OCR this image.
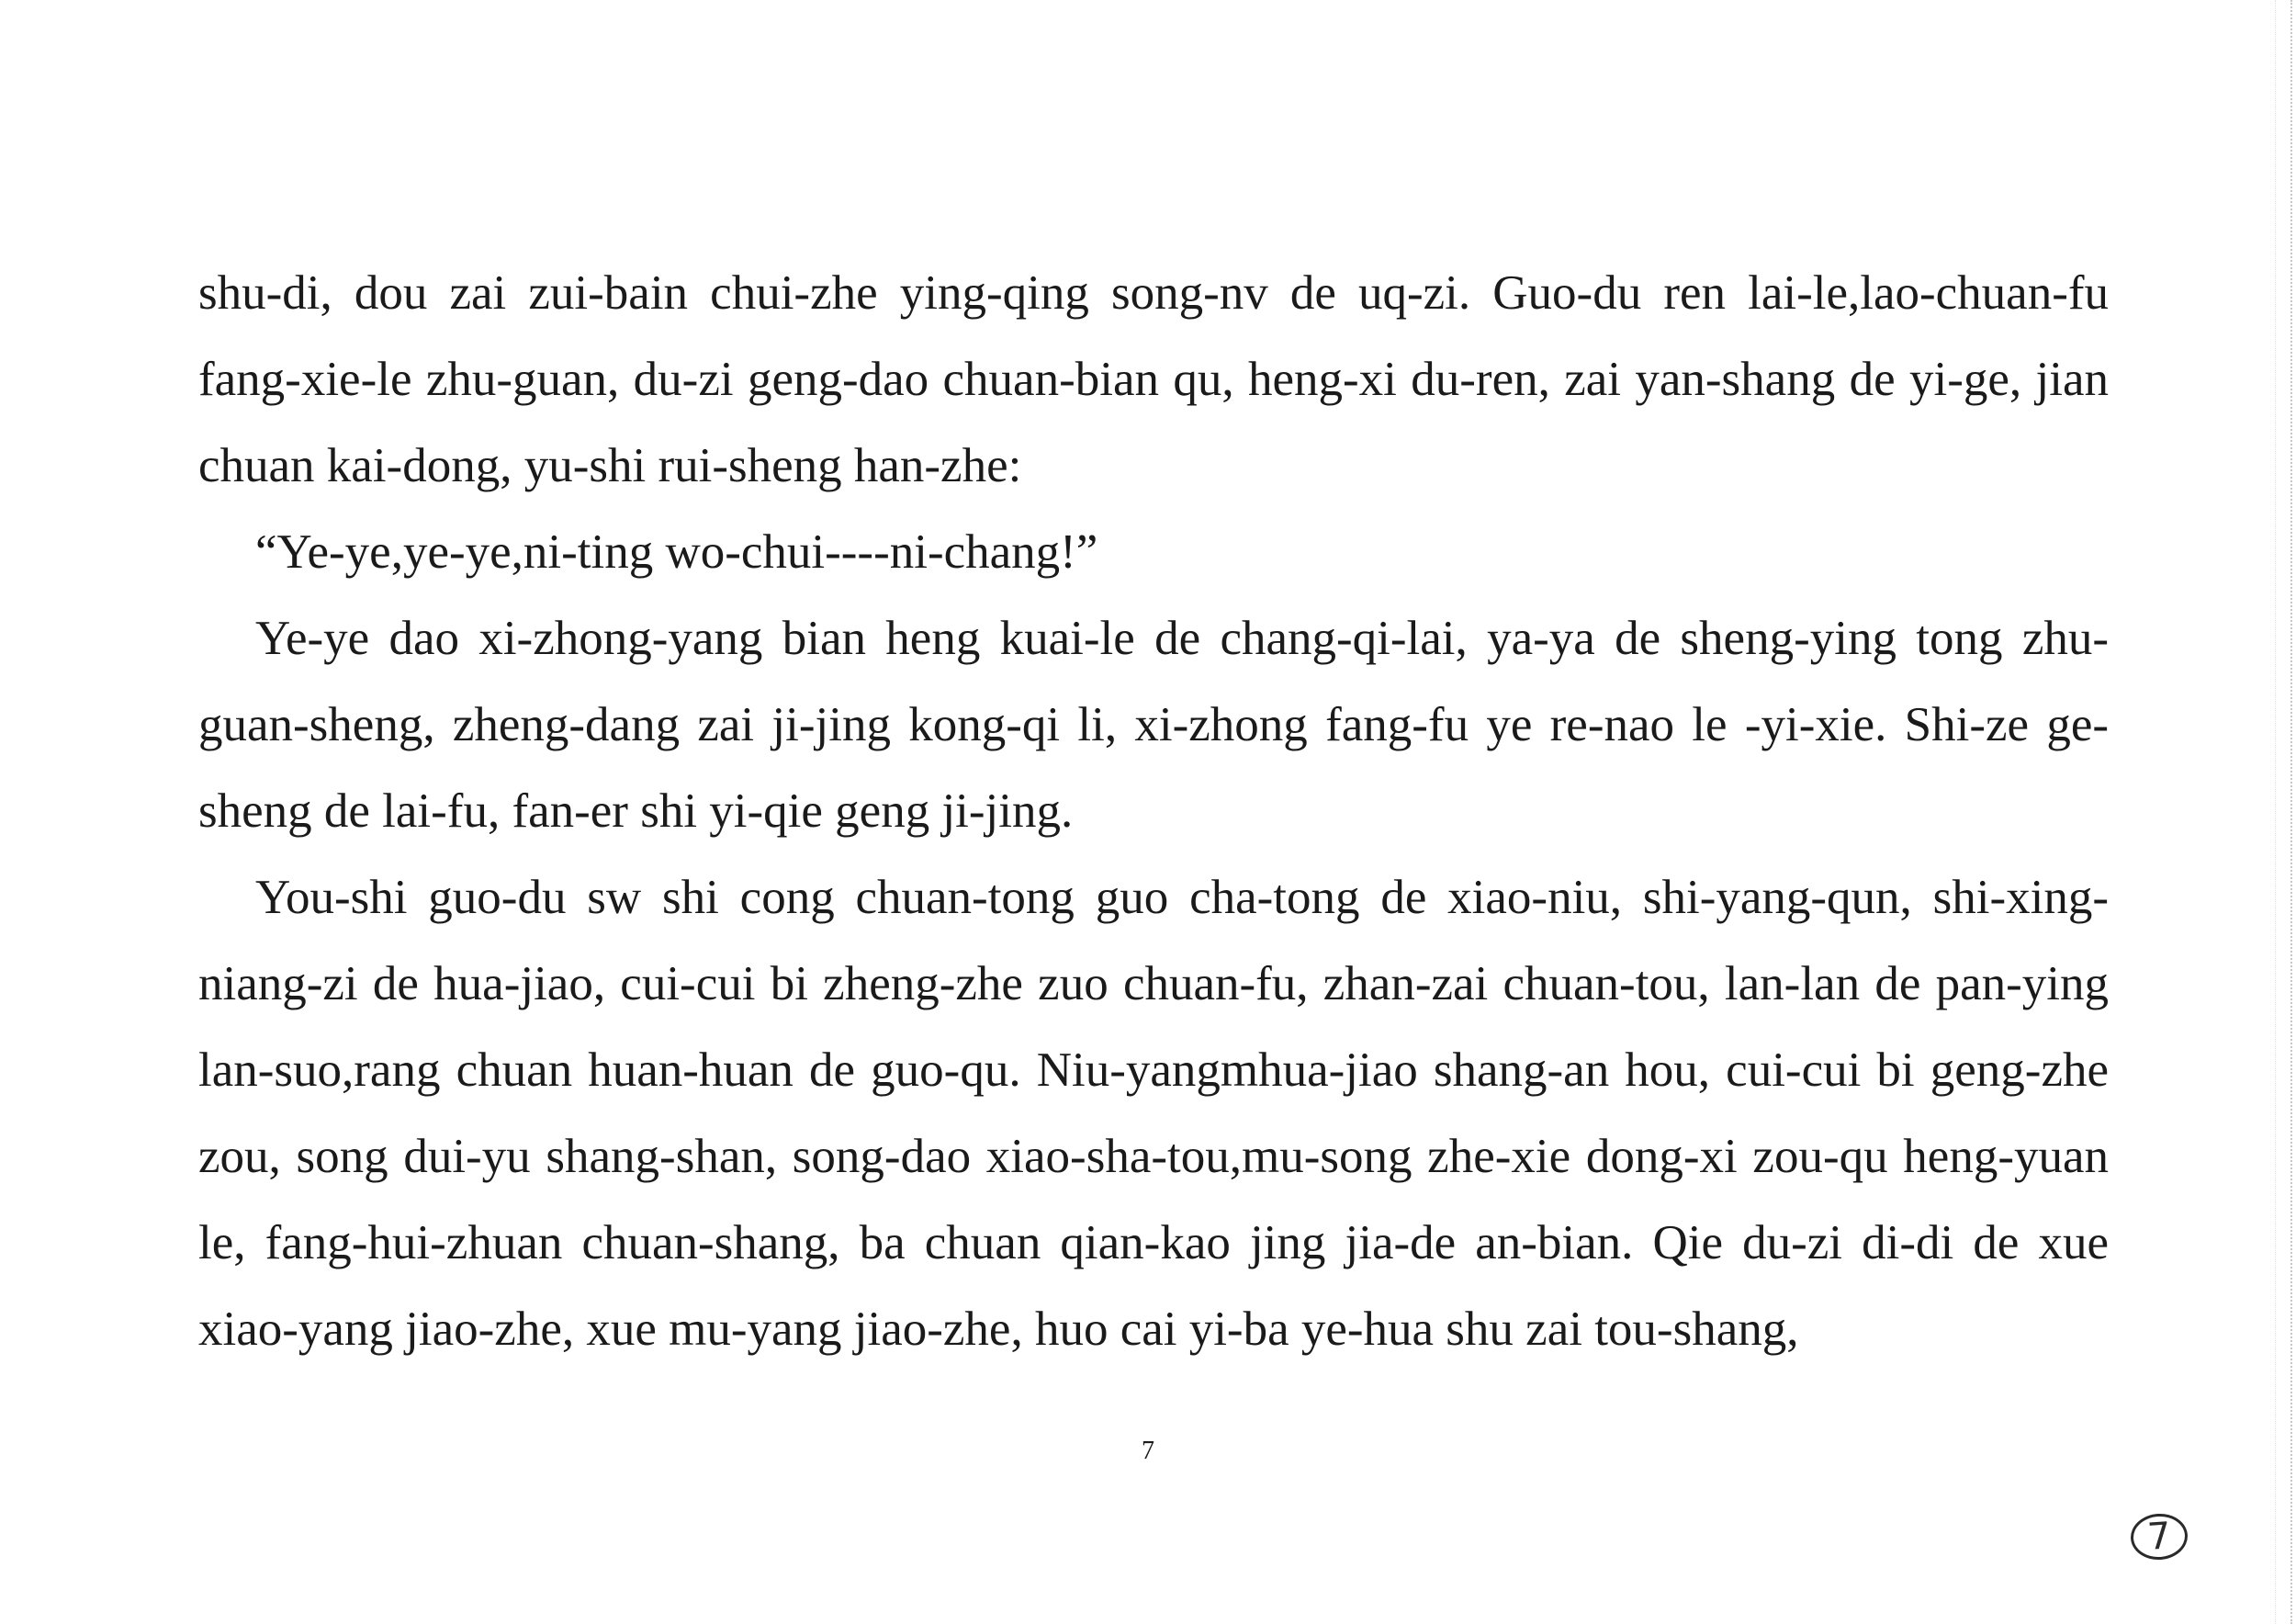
shu-di, dou zai zui-bain chui-zhe ying-qing song-nv de uq-zi. Guo-du ren lai-le,lao-chuan-fu fang-xie-le zhu-guan, du-zi geng-dao chuan-bian qu, heng-xi du-ren, zai yan-shang de yi-ge, jian chuan kai-dong, yu-shi rui-sheng han-zhe:

“Ye-ye,ye-ye,ni-ting wo-chui----ni-chang!”

Ye-ye dao xi-zhong-yang bian heng kuai-le de chang-qi-lai, ya-ya de sheng-ying tong zhu-guan-sheng, zheng-dang zai ji-jing kong-qi li, xi-zhong fang-fu ye re-nao le -yi-xie. Shi-ze ge-sheng de lai-fu, fan-er shi yi-qie geng ji-jing.

You-shi guo-du sw shi cong chuan-tong guo cha-tong de xiao-niu, shi-yang-qun, shi-xing-niang-zi de hua-jiao, cui-cui bi zheng-zhe zuo chuan-fu, zhan-zai chuan-tou, lan-lan de pan-ying lan-suo,rang chuan huan-huan de guo-qu. Niu-yangmhua-jiao shang-an hou, cui-cui bi geng-zhe zou, song dui-yu shang-shan, song-dao xiao-sha-tou,mu-song zhe-xie dong-xi zou-qu heng-yuan le, fang-hui-zhuan chuan-shang, ba chuan qian-kao jing jia-de an-bian. Qie du-zi di-di de xue xiao-yang jiao-zhe, xue mu-yang jiao-zhe, huo cai yi-ba ye-hua shu zai tou-shang,

7
7
